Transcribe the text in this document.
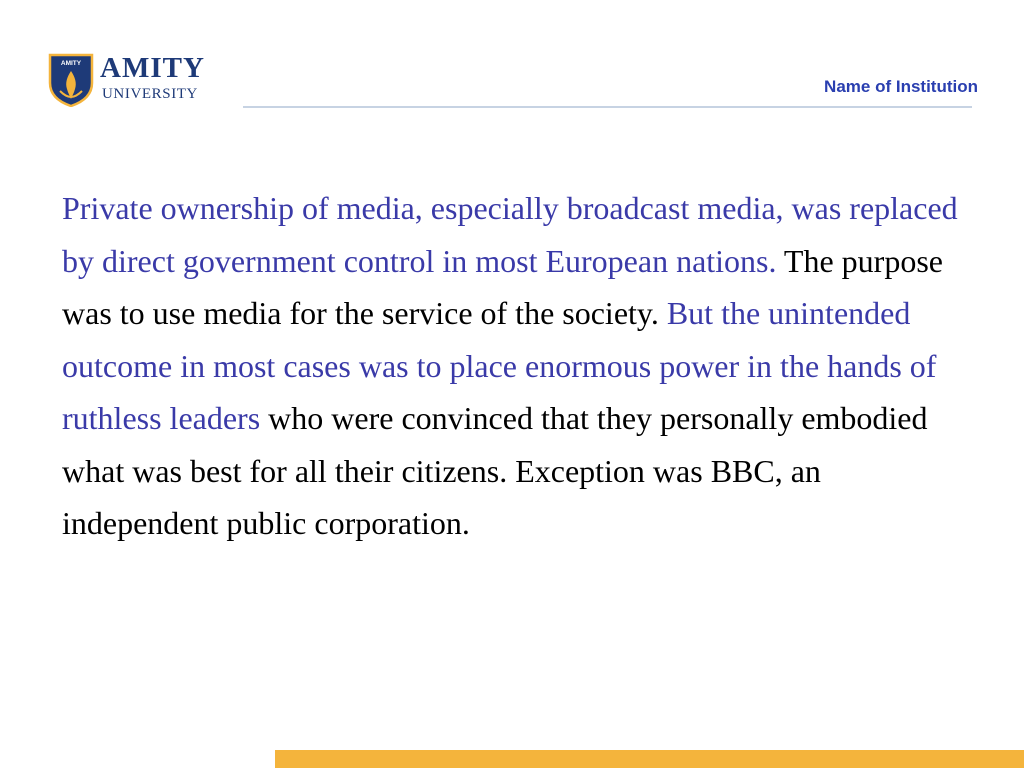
AMITY AMITY
UNIVERSITY	Name of Institution
Private ownership of media, especially broadcast media, was replaced by direct government control in most European nations. The purpose was to use media for the service of the society. But the unintended outcome in most cases was to place enormous power in the hands of ruthless leaders who were convinced that they personally embodied what was best for all their citizens. Exception was BBC, an independent public corporation.
